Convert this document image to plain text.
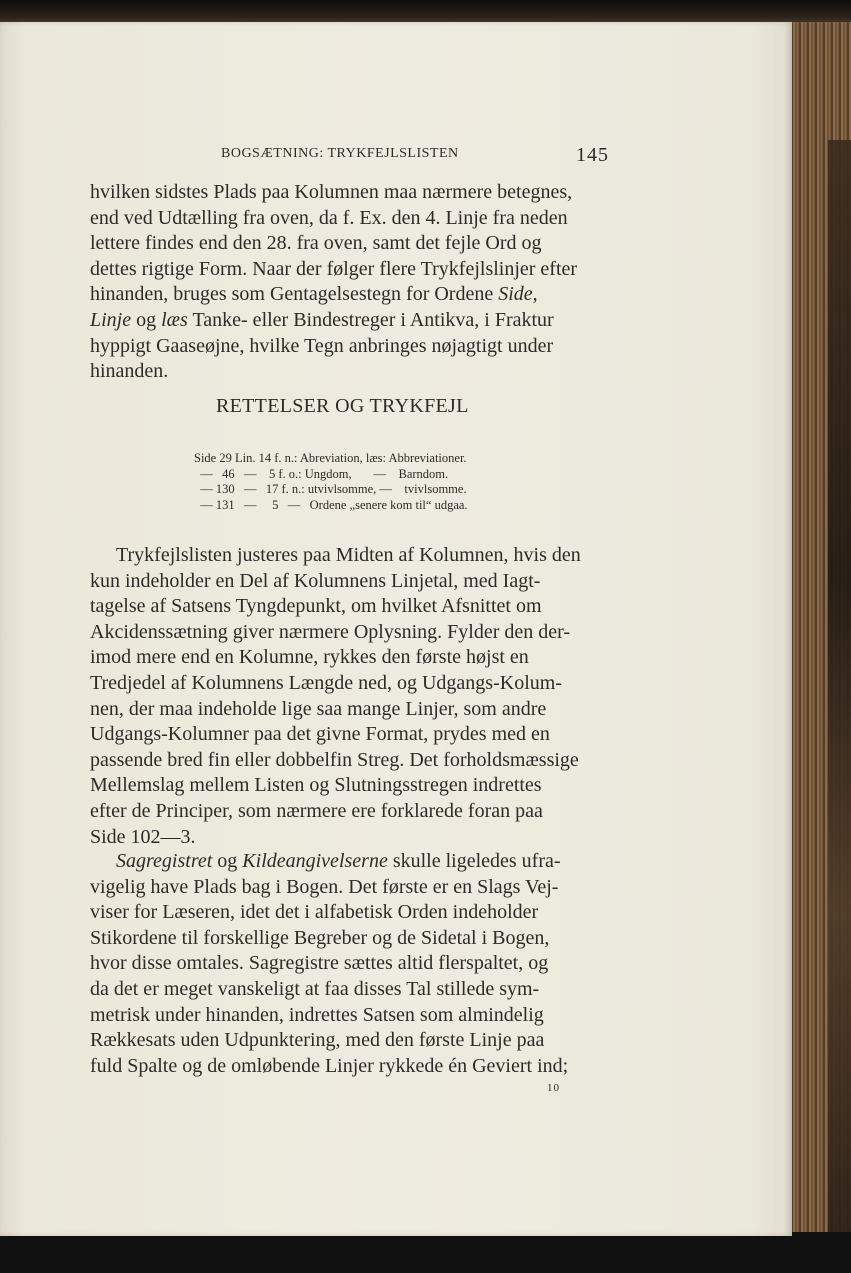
BOGSÆTNING: TRYKFEJLSLISTEN	145
hvilken sidstes Plads paa Kolumnen maa nærmere betegnes,
end ved Udtælling fra oven, da f. Ex. den 4. Linje fra neden
lettere findes end den 28. fra oven, samt det fejle Ord og
dettes rigtige Form. Naar der følger flere Trykfejlslinjer efter
hinanden, bruges som Gentagelsestegn for Ordene Side,
Linje og læs Tanke- eller Bindestreger i Antikva, i Fraktur
hyppigt Gaaseøjne, hvilke Tegn anbringes nøjagtigt under
hinanden.
RETTELSER OG TRYKFEJL
Side 29 Lin. 14 f. n.: Abreviation, læs: Abbreviationer.
—   46   —    5 f. o.: Ungdom,       —    Barndom.
— 130   —   17 f. n.: utvivlsomme, —    tvivlsomme.
— 131   —     5   —   Ordene „senere kom til“ udgaa.
Trykfejlslisten justeres paa Midten af Kolumnen, hvis den
kun indeholder en Del af Kolumnens Linjetal, med Iagt-
tagelse af Satsens Tyngdepunkt, om hvilket Afsnittet om
Akcidenssætning giver nærmere Oplysning. Fylder den der-
imod mere end en Kolumne, rykkes den første højst en
Tredjedel af Kolumnens Længde ned, og Udgangs-Kolum-
nen, der maa indeholde lige saa mange Linjer, som andre
Udgangs-Kolumner paa det givne Format, prydes med en
passende bred fin eller dobbelfin Streg. Det forholdsmæssige
Mellemslag mellem Listen og Slutningsstregen indrettes
efter de Principer, som nærmere ere forklarede foran paa
Side 102—3.
Sagregistret og Kildeangivelserne skulle ligeledes ufra-
vigelig have Plads bag i Bogen. Det første er en Slags Vej-
viser for Læseren, idet det i alfabetisk Orden indeholder
Stikordene til forskellige Begreber og de Sidetal i Bogen,
hvor disse omtales. Sagregistre sættes altid flerspaltet, og
da det er meget vanskeligt at faa disses Tal stillede sym-
metrisk under hinanden, indrettes Satsen som almindelig
Rækkesats uden Udpunktering, med den første Linje paa
fuld Spalte og de omløbende Linjer rykkede én Geviert ind;
10
